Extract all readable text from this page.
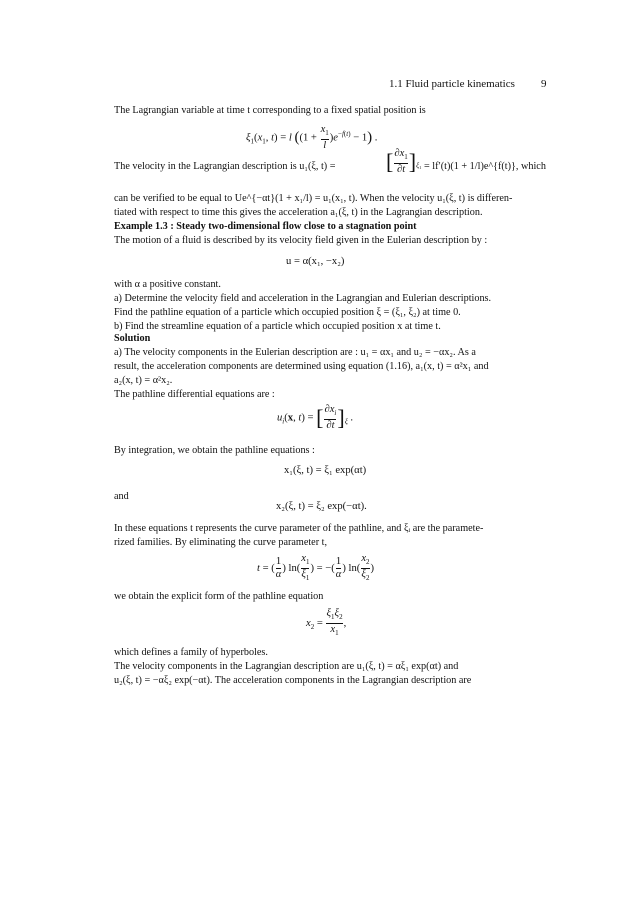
1.1 Fluid particle kinematics 9
The Lagrangian variable at time t corresponding to a fixed spatial position is
$\xi_1(x_1$, t) = l $((1 + \frac{x_1}{l} )e^{-f(t)} - 1)$ .
The velocity in the Lagrangian description is u₁(ξ, t) = [ $\frac{\partial x_1}{\partial t} ]_{\xi_1} = lf'(t)(1$ + 1/l)e^{f(t)}, which
can be verified to be equal to Ue^{−αt}(1 + x₁/l) = u₁(x₁, t). When the velocity u₁(ξ, t) is differen-
tiated with respect to time this gives the acceleration a₁(ξ, t) in the Lagrangian description.
Example 1.3 : Steady two-dimensional flow close to a stagnation point
The motion of a fluid is described by its velocity field given in the Eulerian description by :
u = α(x₁, −x₂)
with α a positive constant.
a) Determine the velocity field and acceleration in the Lagrangian and Eulerian descriptions.
Find the pathline equation of a particle which occupied position ξ = (ξ₁, ξ₂) at time 0.
b) Find the streamline equation of a particle which occupied position x at time t.
Solution
a) The velocity components in the Eulerian description are : u₁ = αx₁ and u₂ = −αx₂. As a
result, the acceleration components are determined using equation (1.16), a₁(x, t) = α²x₁ and
a₂(x, t) = α²x₂.
The pathline differential equations are :
$u_i(x$, t) = [ $\frac{\partial x_i}{\partial t} ]_\xi$ .
By integration, we obtain the pathline equations :
x₁(ξ, t) = ξ₁ exp(αt)
and
x₂(ξ, t) = ξ₂ exp(−αt).
In these equations t represents the curve parameter of the pathline, and ξᵢ are the paramete-
rized families. By eliminating the curve parameter t,
t = ( $\frac{1}{\alpha}$ ) $\ln( \frac{x_1}{\xi_1}$ ) = −( $\frac{1}{\alpha}$ ) $\ln( \frac{x_2}{\xi_2}$ )
we obtain the explicit form of the pathline equation
$x_2 = \frac{\xi_1\xi_2}{x_1}$ ,
which defines a family of hyperboles.
The velocity components in the Lagrangian description are u₁(ξ, t) = αξ₁ exp(αt) and
u₂(ξ, t) = −αξ₂ exp(−αt). The acceleration components in the Lagrangian description are
